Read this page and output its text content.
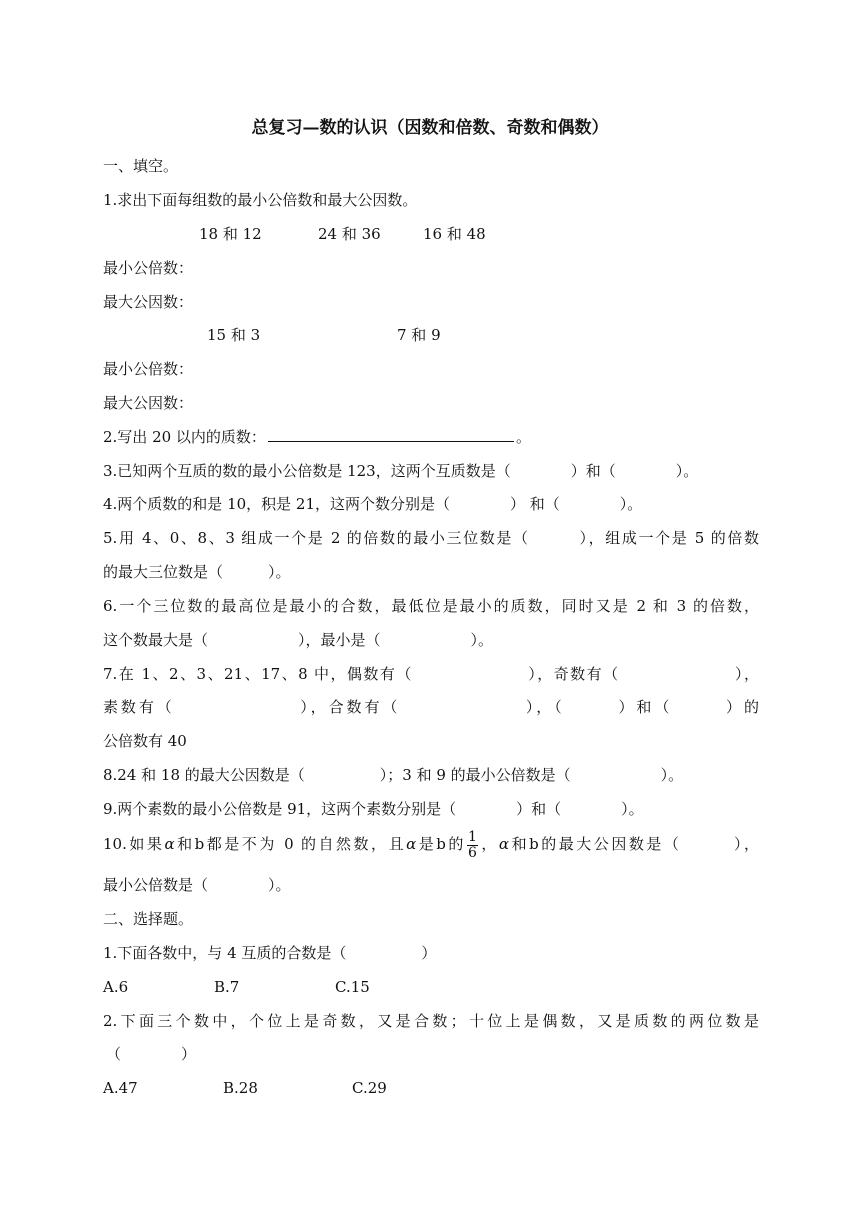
总复习—数的认识（因数和倍数、奇数和偶数）
一、填空。
1.求出下面每组数的最小公倍数和最大公因数。
18 和 12	24 和 36	16 和 48
最小公倍数：
最大公因数：
15 和 3	7 和 9
最小公倍数：
最大公因数：
2.写出 20 以内的质数：	。
3.已知两个互质的数的最小公倍数是 123，这两个互质数是（　　　　）和（　　　　）。
4.两个质数的和是 10，积是 21，这两个数分别是（　　　　） 和（　　　　）。
5.用 4、0、8、3 组成一个是 2 的倍数的最小三位数是（　　　），组成一个是 5 的倍数
的最大三位数是（　　　）。
6.一个三位数的最高位是最小的合数，最低位是最小的质数，同时又是 2 和 3 的倍数，
这个数最大是（　　　　　　），最小是（　　　　　　）。
7.在 1、2、3、21、17、8 中，偶数有（　　　　　　　），奇数有（　　　　　　　），
素数有（　　　　　　　），合数有（　　　　　　　），（　　　）和（　　　）的
公倍数有 40
8.24 和 18 的最大公因数是（　　　　　）；3 和 9 的最小公倍数是（　　　　　　）。
9.两个素数的最小公倍数是 91，这两个素数分别是（　　　　）和（　　　　）。
10.如果α和b都是不为 0 的自然数，且α是b的 $\frac{1}{6}$ ，α和b的最大公因数是（　　　），
最小公倍数是（　　　　）。
二、选择题。
1.下面各数中，与 4 互质的合数是（　　　　　）
A.6	B.7	C.15
2.下面三个数中，个位上是奇数，又是合数；十位上是偶数，又是质数的两位数是
（　　　　）
A.47	B.28	C.29
